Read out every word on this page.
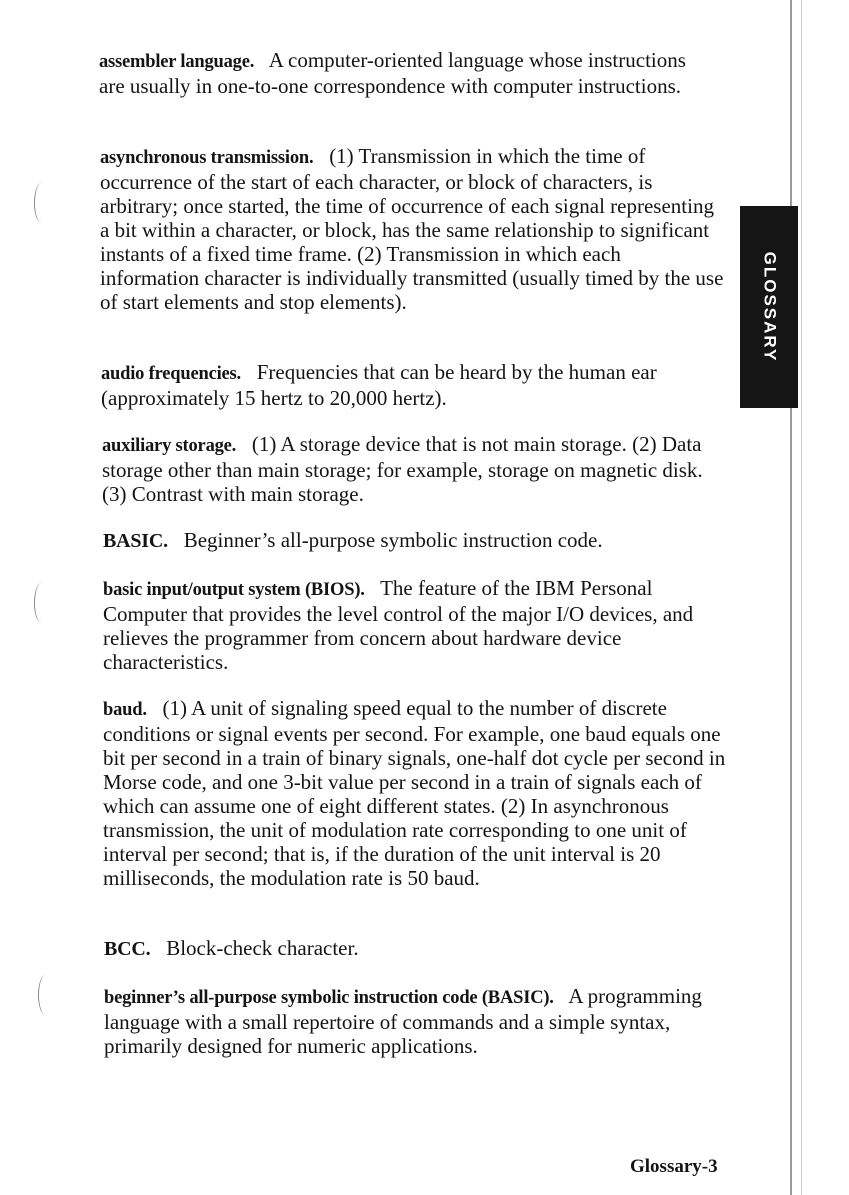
GLOSSARY

assembler language. A computer-oriented language whose instructions are usually in one-to-one correspondence with computer instructions.

asynchronous transmission. (1) Transmission in which the time of occurrence of the start of each character, or block of characters, is arbitrary; once started, the time of occurrence of each signal representing a bit within a character, or block, has the same relationship to significant instants of a fixed time frame. (2) Transmission in which each information character is individually transmitted (usually timed by the use of start elements and stop elements).

audio frequencies. Frequencies that can be heard by the human ear (approximately 15 hertz to 20,000 hertz).

auxiliary storage. (1) A storage device that is not main storage. (2) Data storage other than main storage; for example, storage on magnetic disk. (3) Contrast with main storage.

BASIC. Beginner’s all-purpose symbolic instruction code.

basic input/output system (BIOS). The feature of the IBM Personal Computer that provides the level control of the major I/O devices, and relieves the programmer from concern about hardware device characteristics.

baud. (1) A unit of signaling speed equal to the number of discrete conditions or signal events per second. For example, one baud equals one bit per second in a train of binary signals, one-half dot cycle per second in Morse code, and one 3-bit value per second in a train of signals each of which can assume one of eight different states. (2) In asynchronous transmission, the unit of modulation rate corresponding to one unit of interval per second; that is, if the duration of the unit interval is 20 milliseconds, the modulation rate is 50 baud.

BCC. Block-check character.

beginner’s all-purpose symbolic instruction code (BASIC). A programming language with a small repertoire of commands and a simple syntax, primarily designed for numeric applications.

Glossary-3
